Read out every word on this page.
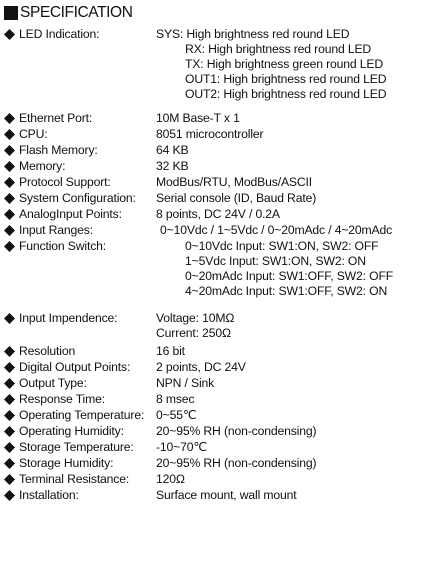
SPECIFICATION
LED Indication:	SYS: High brightness red round LED
RX: High brightness red round LED
TX: High brightness green round LED
OUT1: High brightness red round LED
OUT2: High brightness red round LED
Ethernet Port:	10M Base-T x 1
CPU:	8051 microcontroller
Flash Memory:	64 KB
Memory:	32 KB
Protocol Support:	ModBus/RTU, ModBus/ASCII
System Configuration: Serial console (ID, Baud Rate)
AnalogInput Points:	8 points, DC 24V / 0.2A
Input Ranges:	0~10Vdc / 1~5Vdc / 0~20mAdc / 4~20mAdc
Function Switch:	0~10Vdc Input: SW1:ON, SW2: OFF
1~5Vdc Input: SW1:ON, SW2: ON
0~20mAdc Input: SW1:OFF, SW2: OFF
4~20mAdc Input: SW1:OFF, SW2: ON
Input Impendence:	Voltage: 10MΩ
Current: 250Ω
Resolution	16 bit
Digital Output Points: 2 points, DC 24V
Output Type:	NPN / Sink
Response Time:	8 msec
Operating Temperature: 0~55℃
Operating Humidity:	20~95% RH (non-condensing)
Storage Temperature: -10~70℃
Storage Humidity:	20~95% RH (non-condensing)
Terminal Resistance: 120Ω
Installation:	Surface mount, wall mount
